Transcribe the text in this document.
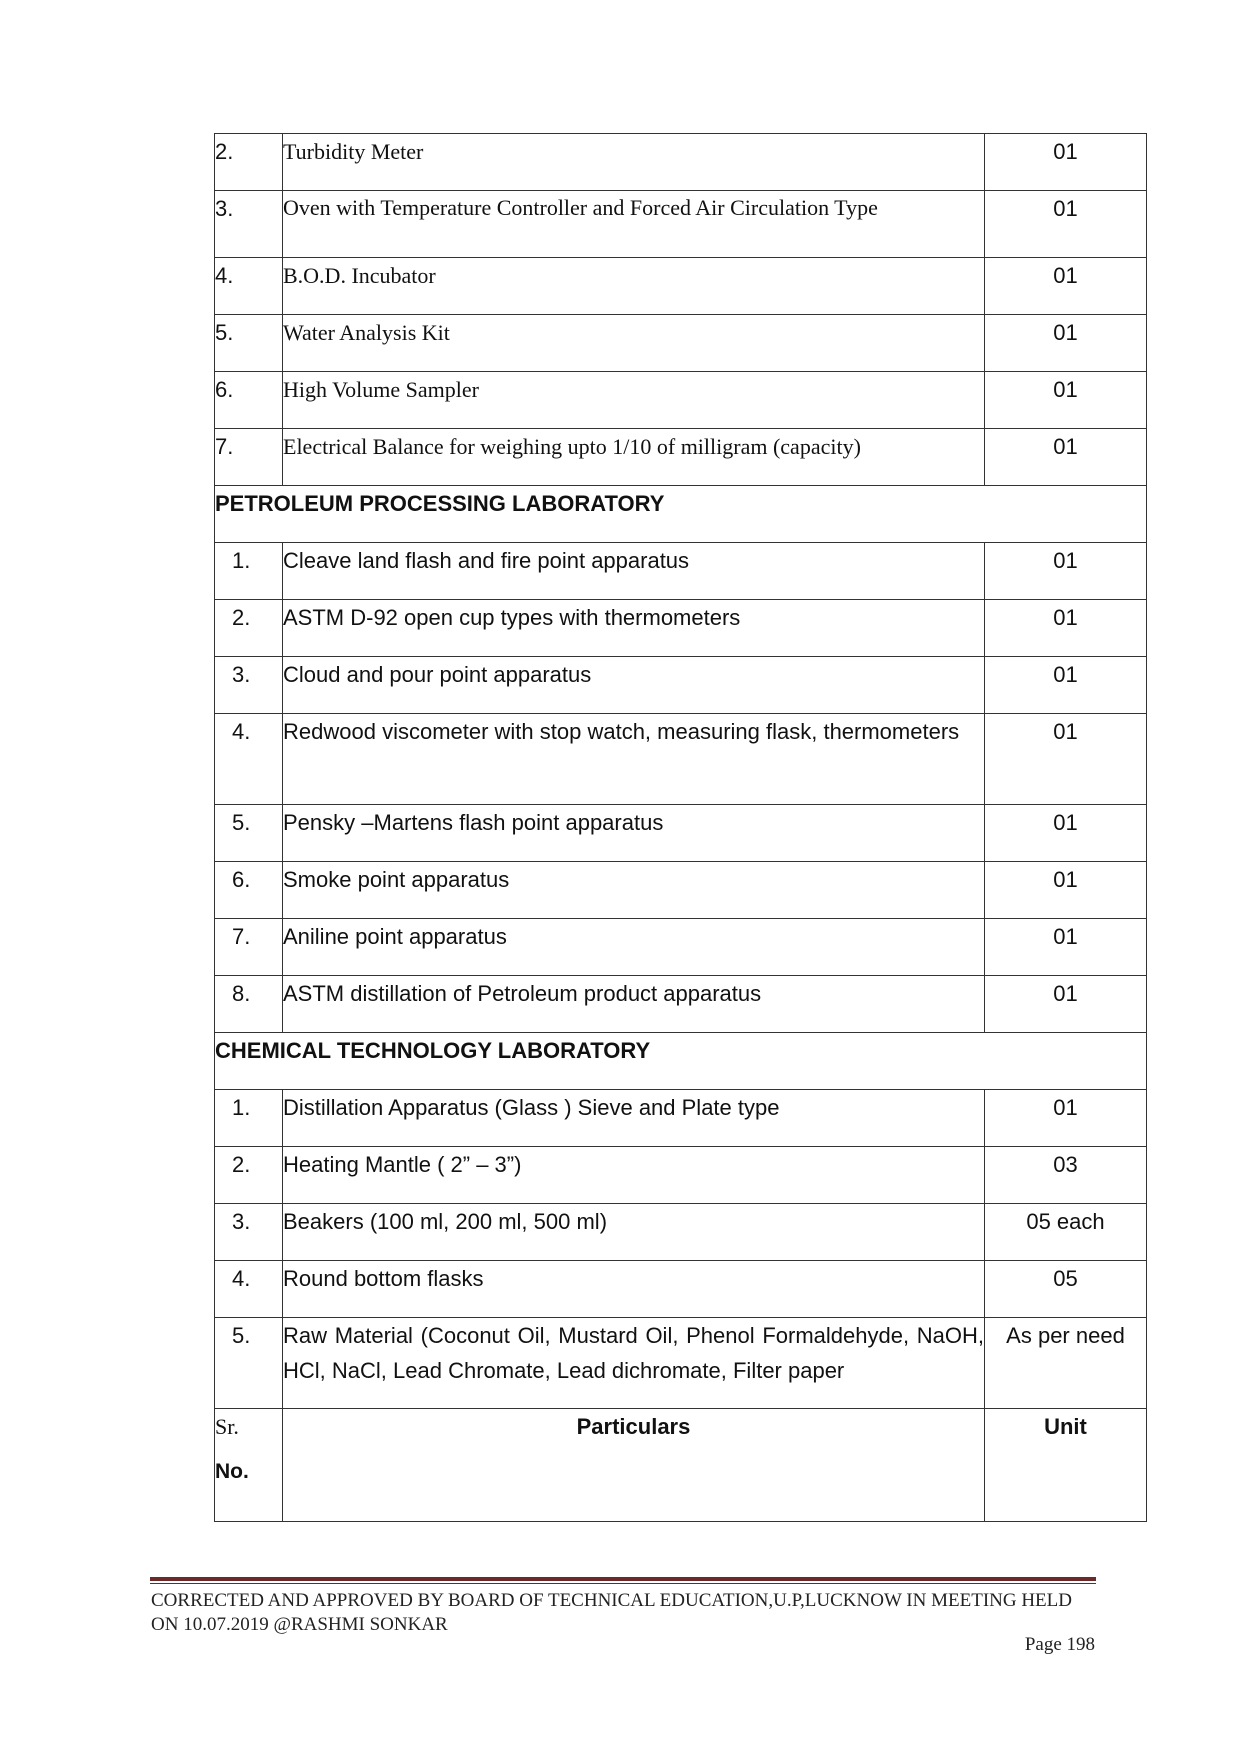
2.	Turbidity Meter	01
3.	Oven with Temperature Controller and Forced Air Circulation Type	01
4.	B.O.D. Incubator	01
5.	Water Analysis Kit	01
6.	High Volume Sampler	01
7.	Electrical Balance for weighing upto 1/10 of milligram (capacity)	01
PETROLEUM PROCESSING LABORATORY		
1.	Cleave land flash and fire point apparatus	01
2.	ASTM D-92 open cup types with thermometers	01
3.	Cloud and pour point apparatus	01
4.	Redwood viscometer with stop watch, measuring flask, thermometers	01
5.	Pensky –Martens flash point apparatus	01
6.	Smoke point apparatus	01
7.	Aniline point apparatus	01
8.	ASTM distillation of Petroleum product apparatus	01
CHEMICAL TECHNOLOGY LABORATORY		
1.	Distillation Apparatus (Glass ) Sieve and Plate type	01
2.	Heating Mantle ( 2” – 3”)	03
3.	Beakers (100 ml, 200 ml, 500 ml)	05 each
4.	Round bottom flasks	05
5.	Raw Material (Coconut Oil, Mustard Oil, Phenol Formaldehyde, NaOH, HCl, NaCl, Lead Chromate, Lead dichromate, Filter paper	As per need
Sr.
No.	Particulars	Unit
CORRECTED AND APPROVED BY BOARD OF TECHNICAL EDUCATION,U.P,LUCKNOW IN MEETING HELD ON 10.07.2019 @RASHMI SONKAR
Page 198
